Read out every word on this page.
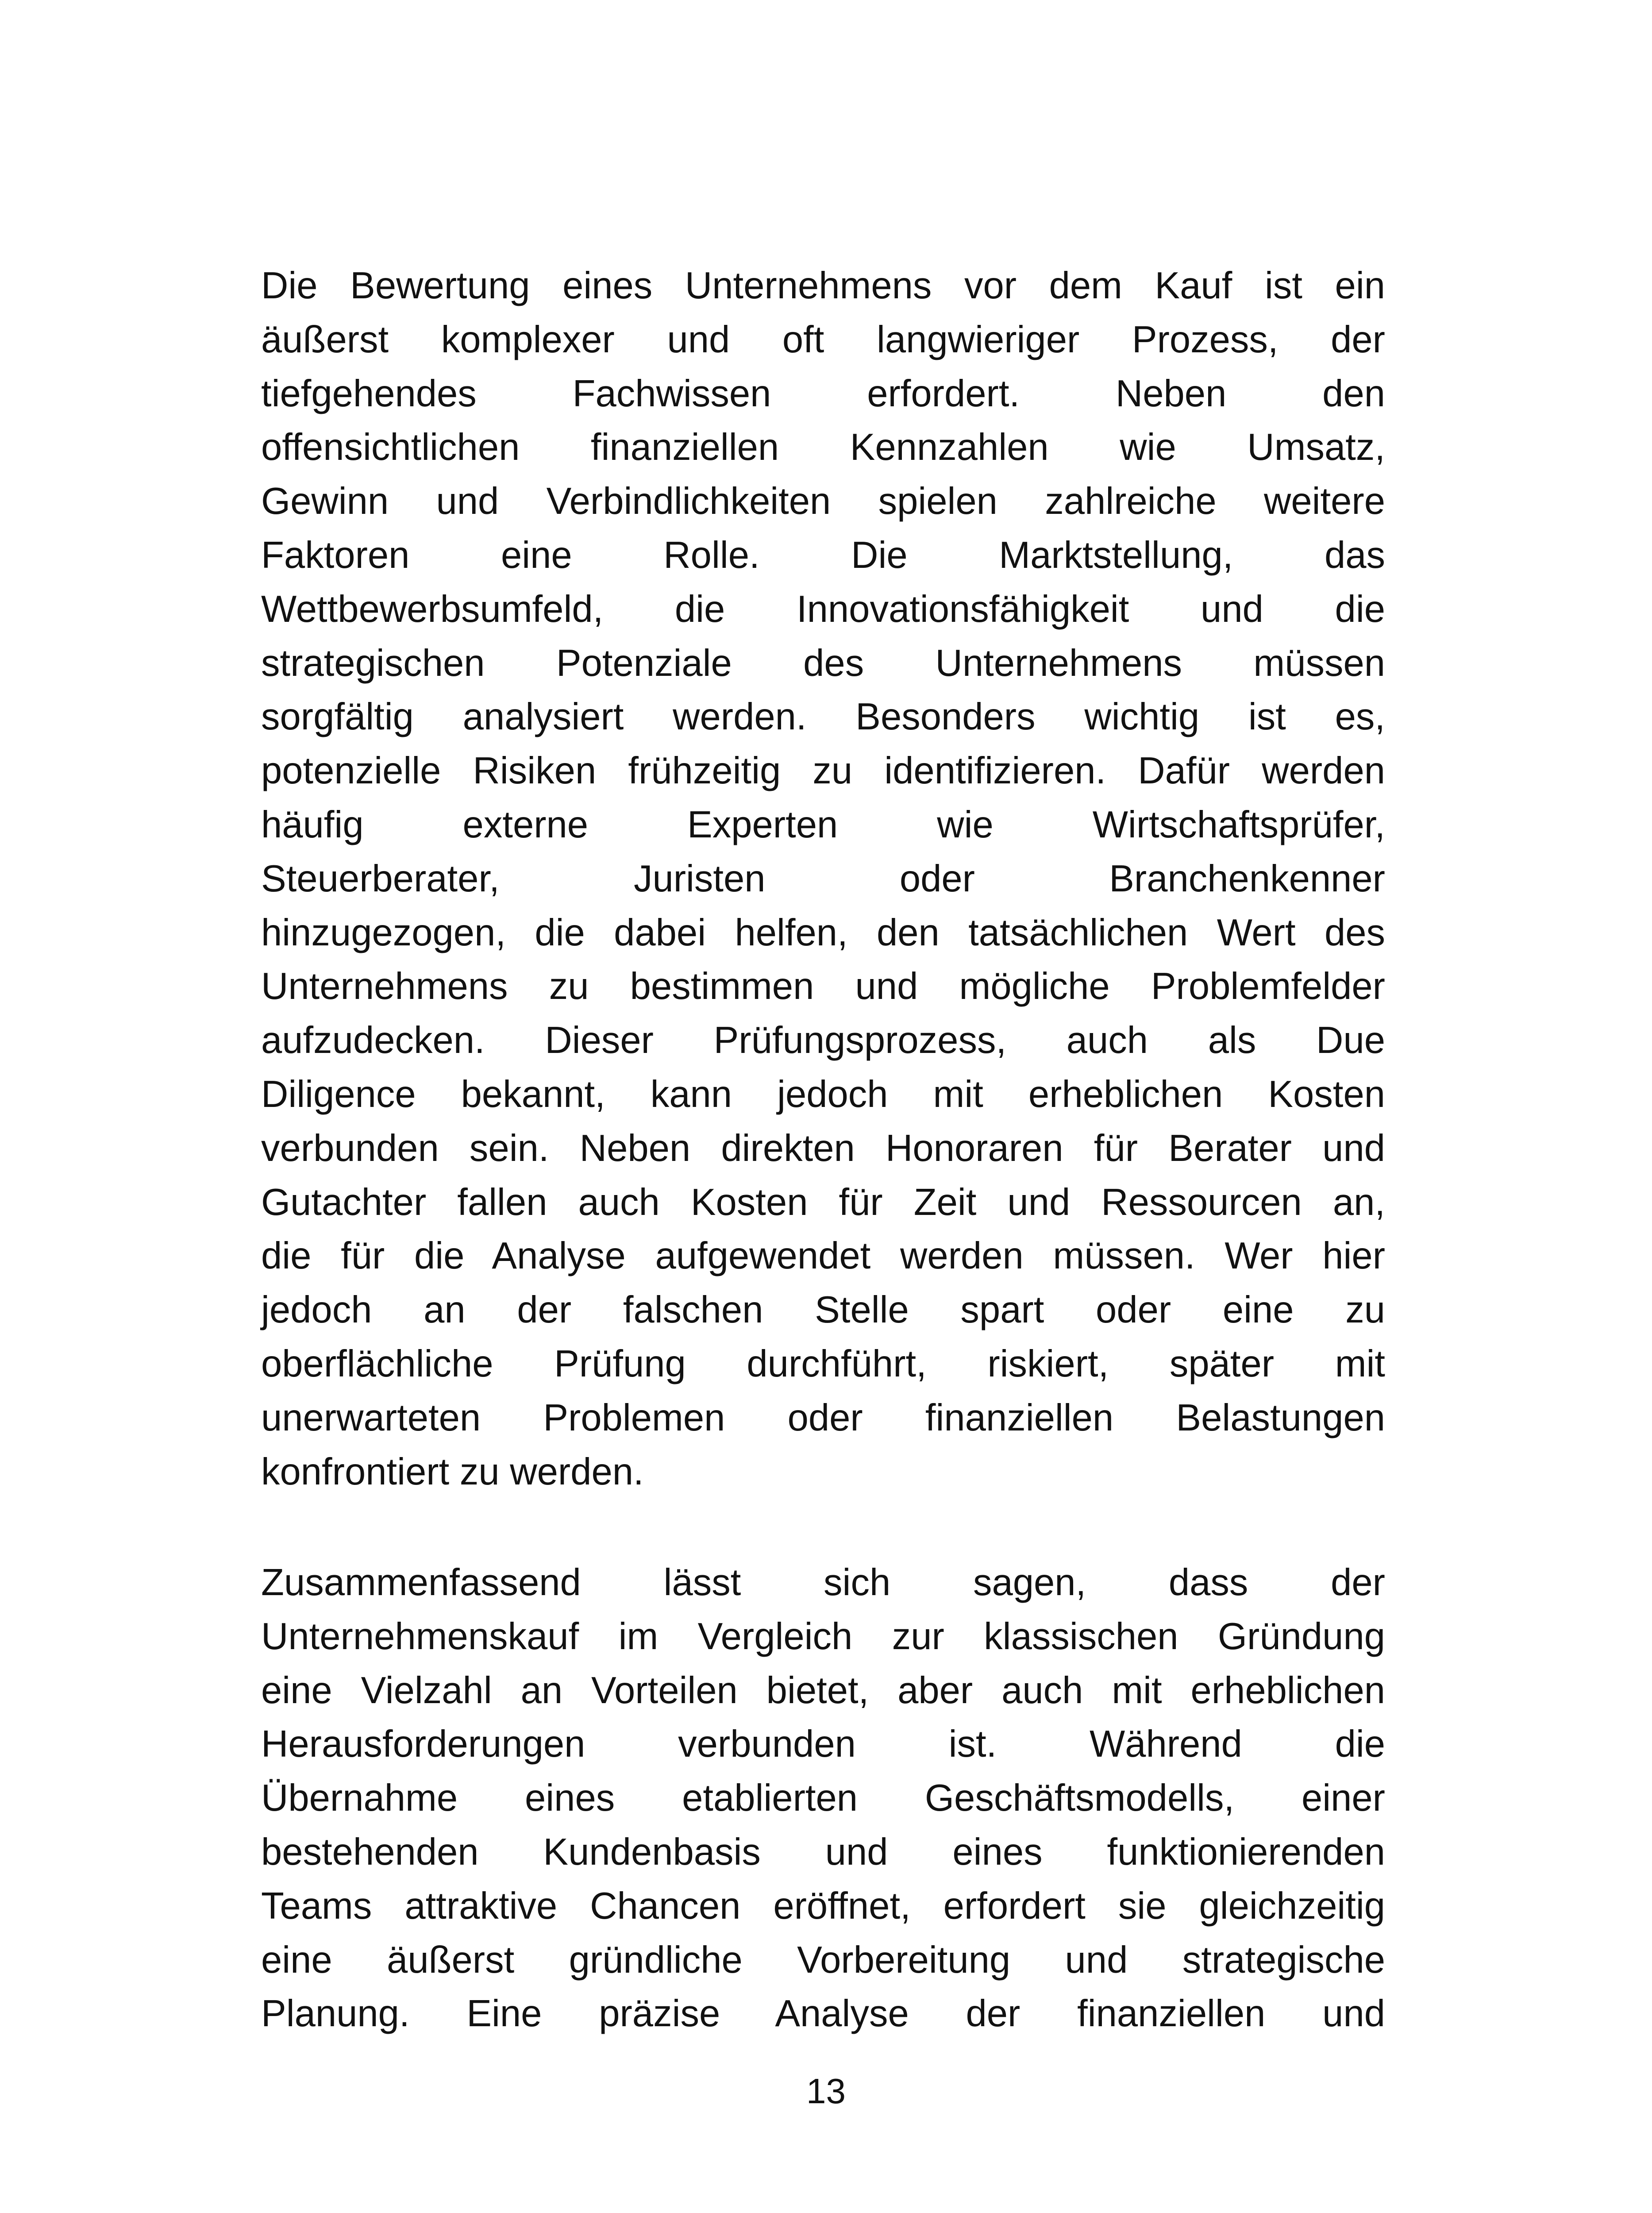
Die Bewertung eines Unternehmens vor dem Kauf ist ein
äußerst komplexer und oft langwieriger Prozess, der
tiefgehendes Fachwissen erfordert. Neben den
offensichtlichen finanziellen Kennzahlen wie Umsatz,
Gewinn und Verbindlichkeiten spielen zahlreiche weitere
Faktoren eine Rolle. Die Marktstellung, das
Wettbewerbsumfeld, die Innovationsfähigkeit und die
strategischen Potenziale des Unternehmens müssen
sorgfältig analysiert werden. Besonders wichtig ist es,
potenzielle Risiken frühzeitig zu identifizieren. Dafür werden
häufig externe Experten wie Wirtschaftsprüfer,
Steuerberater, Juristen oder Branchenkenner
hinzugezogen, die dabei helfen, den tatsächlichen Wert des
Unternehmens zu bestimmen und mögliche Problemfelder
aufzudecken. Dieser Prüfungsprozess, auch als Due
Diligence bekannt, kann jedoch mit erheblichen Kosten
verbunden sein. Neben direkten Honoraren für Berater und
Gutachter fallen auch Kosten für Zeit und Ressourcen an,
die für die Analyse aufgewendet werden müssen. Wer hier
jedoch an der falschen Stelle spart oder eine zu
oberflächliche Prüfung durchführt, riskiert, später mit
unerwarteten Problemen oder finanziellen Belastungen
konfrontiert zu werden.
Zusammenfassend lässt sich sagen, dass der
Unternehmenskauf im Vergleich zur klassischen Gründung
eine Vielzahl an Vorteilen bietet, aber auch mit erheblichen
Herausforderungen verbunden ist. Während die
Übernahme eines etablierten Geschäftsmodells, einer
bestehenden Kundenbasis und eines funktionierenden
Teams attraktive Chancen eröffnet, erfordert sie gleichzeitig
eine äußerst gründliche Vorbereitung und strategische
Planung. Eine präzise Analyse der finanziellen und
13
